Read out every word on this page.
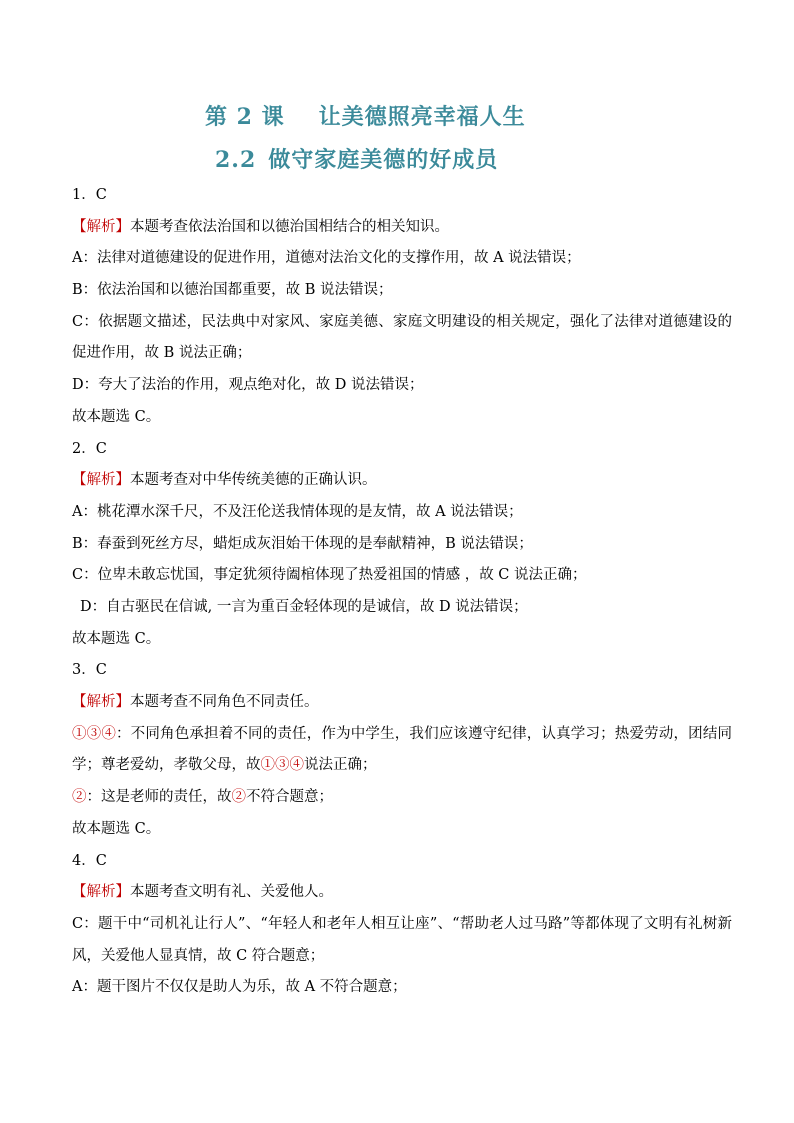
第 2 课 让美德照亮幸福人生
2.2 做守家庭美德的好成员
1．C
【解析】本题考查依法治国和以德治国相结合的相关知识。
A：法律对道德建设的促进作用，道德对法治文化的支撑作用，故 A 说法错误；
B：依法治国和以德治国都重要，故 B 说法错误；
C：依据题文描述，民法典中对家风、家庭美德、家庭文明建设的相关规定，强化了法律对道德建设的促进作用，故 B 说法正确；
D：夸大了法治的作用，观点绝对化，故 D 说法错误；
故本题选 C。
2．C
【解析】本题考查对中华传统美德的正确认识。
A：桃花潭水深千尺，不及汪伦送我情体现的是友情，故 A 说法错误；
B：春蚕到死丝方尽，蜡炬成灰泪始干体现的是奉献精神，B 说法错误；
C：位卑未敢忘忧国，事定犹须待阖棺体现了热爱祖国的情感 ，故 C 说法正确；
D：自古驱民在信诚, 一言为重百金轻体现的是诚信，故 D 说法错误；
故本题选 C。
3．C
【解析】本题考查不同角色不同责任。
①③④：不同角色承担着不同的责任，作为中学生，我们应该遵守纪律，认真学习；热爱劳动，团结同学；尊老爱幼，孝敬父母，故①③④说法正确；
②：这是老师的责任，故②不符合题意；
故本题选 C。
4．C
【解析】本题考查文明有礼、关爱他人。
C：题干中“司机礼让行人”、“年轻人和老年人相互让座”、“帮助老人过马路”等都体现了文明有礼树新风，关爱他人显真情，故 C 符合题意；
A：题干图片不仅仅是助人为乐，故 A 不符合题意；
